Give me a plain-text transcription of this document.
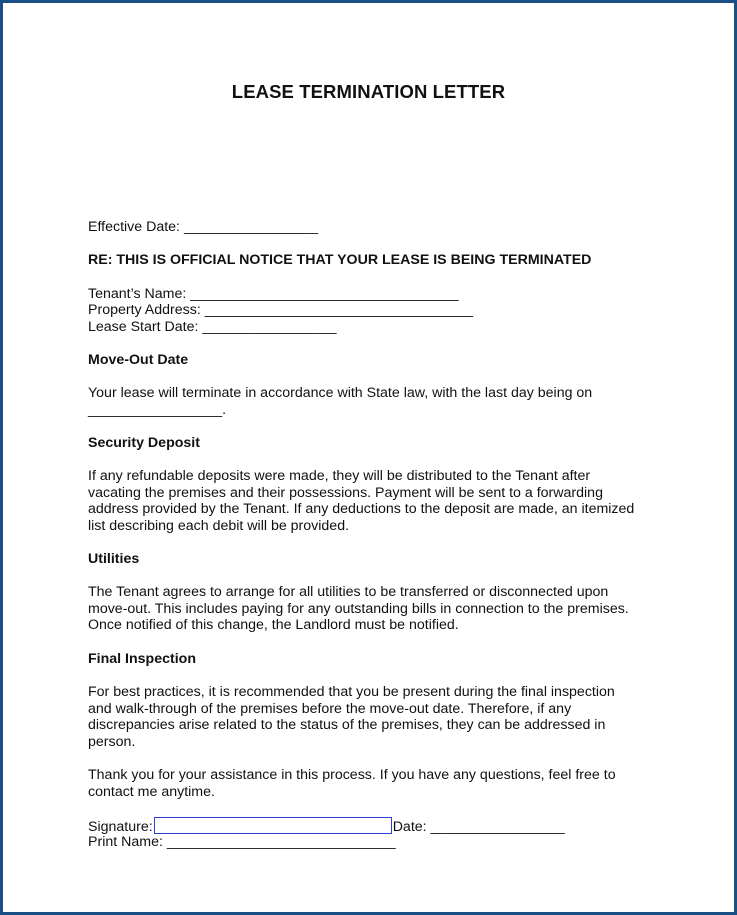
LEASE TERMINATION LETTER
Effective Date: _________________
RE: THIS IS OFFICIAL NOTICE THAT YOUR LEASE IS BEING TERMINATED
Tenant’s Name: __________________________________
Property Address: __________________________________
Lease Start Date: _________________
Move-Out Date
Your lease will terminate in accordance with State law, with the last day being on
_________________.
Security Deposit
If any refundable deposits were made, they will be distributed to the Tenant after
vacating the premises and their possessions. Payment will be sent to a forwarding
address provided by the Tenant. If any deductions to the deposit are made, an itemized
list describing each debit will be provided.
Utilities
The Tenant agrees to arrange for all utilities to be transferred or disconnected upon
move-out. This includes paying for any outstanding bills in connection to the premises.
Once notified of this change, the Landlord must be notified.
Final Inspection
For best practices, it is recommended that you be present during the final inspection
and walk-through of the premises before the move-out date. Therefore, if any
discrepancies arise related to the status of the premises, they can be addressed in
person.
Thank you for your assistance in this process. If you have any questions, feel free to
contact me anytime.
Signature:	Date: _________________
Print Name: _____________________________
